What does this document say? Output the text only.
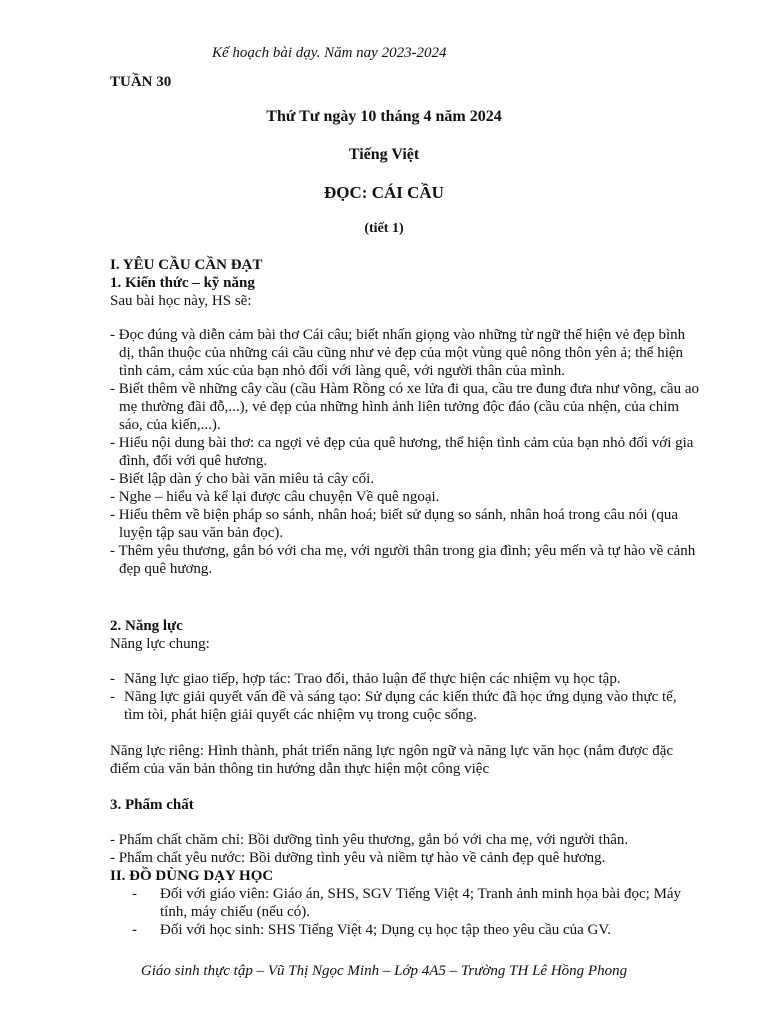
Kế hoạch bài dạy. Năm nay 2023-2024
TUẦN 30
Thứ Tư ngày 10 tháng 4 năm 2024
Tiếng Việt
ĐỌC: CÁI CẦU
(tiết 1)
I. YÊU CẦU CẦN ĐẠT
1. Kiến thức – kỹ năng
Sau bài học này, HS sẽ:
- Đọc đúng và diễn cảm bài thơ Cái câu; biết nhấn giọng vào những từ ngữ thể hiện vẻ đẹp bình dị, thân thuộc của những cái cầu cũng như vẻ đẹp của một vùng quê nông thôn yên ả; thể hiện tình cảm, cảm xúc của bạn nhỏ đối với làng quê, với người thân của mình.
- Biết thêm về những cây cầu (cầu Hàm Rồng có xe lửa đi qua, cầu tre đung đưa như võng, cầu ao mẹ thường đãi đỗ,...), vẻ đẹp của những hình ảnh liên tưởng độc đáo (cầu của nhện, của chim sáo, của kiến,...).
- Hiểu nội dung bài thơ: ca ngợi vẻ đẹp của quê hương, thể hiện tình cảm của bạn nhỏ đối với gia đình, đối với quê hương.
- Biết lập dàn ý cho bài văn miêu tả cây cối.
- Nghe – hiểu và kể lại được câu chuyện Về quê ngoại.
- Hiểu thêm về biện pháp so sánh, nhân hoá; biết sử dụng so sánh, nhân hoá trong câu nói (qua luyện tập sau văn bản đọc).
- Thêm yêu thương, gắn bó với cha mẹ, với người thân trong gia đình; yêu mến và tự hào về cảnh đẹp quê hương.
2. Năng lực
Năng lực chung:
- Năng lực giao tiếp, hợp tác: Trao đổi, thảo luận để thực hiện các nhiệm vụ học tập.
- Năng lực giải quyết vấn đề và sáng tạo: Sử dụng các kiến thức đã học ứng dụng vào thực tế, tìm tòi, phát hiện giải quyết các nhiệm vụ trong cuộc sống.
Năng lực riêng: Hình thành, phát triển năng lực ngôn ngữ và năng lực văn học (nắm được đặc điểm của văn bản thông tin hướng dẫn thực hiện một công việc
3. Phẩm chất
- Phẩm chất chăm chỉ: Bồi dưỡng tình yêu thương, gắn bó với cha mẹ, với người thân.
- Phẩm chất yêu nước: Bồi dưỡng tình yêu và niềm tự hào về cảnh đẹp quê hương.
II. ĐỒ DÙNG DẠY HỌC
- Đối với giáo viên: Giáo án, SHS, SGV Tiếng Việt 4; Tranh ảnh minh họa bài đọc; Máy tính, máy chiếu (nếu có).
- Đối với học sinh: SHS Tiếng Việt 4; Dụng cụ học tập theo yêu cầu của GV.
Giáo sinh thực tập – Vũ Thị Ngọc Minh – Lớp 4A5 – Trường TH Lê Hồng Phong
